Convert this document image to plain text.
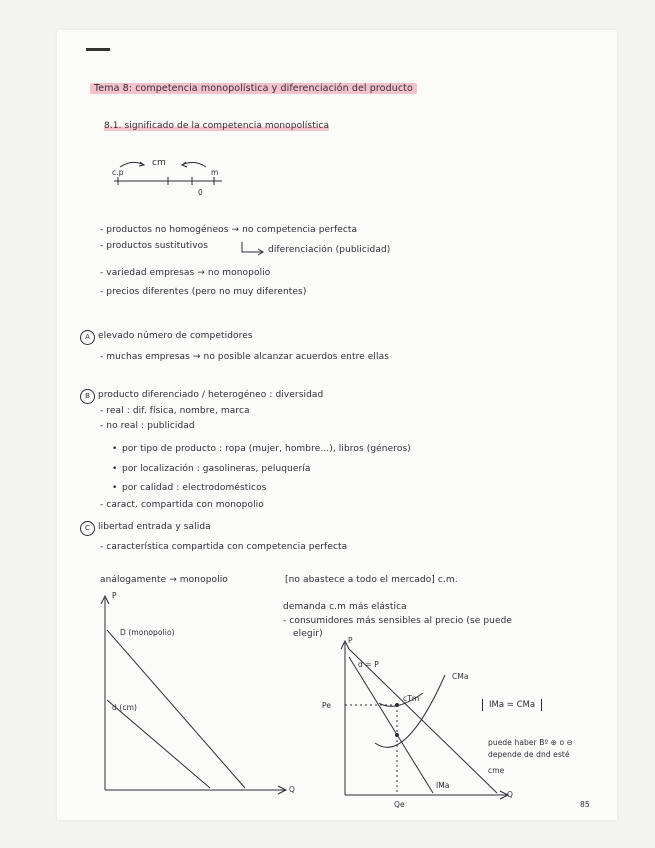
Tema 8: competencia monopolística y diferenciación del producto
8.1. significado de la competencia monopolística
c.p
cm
m
0
- productos no homogéneos → no competencia perfecta
- productos sustitutivos	diferenciación (publicidad)
- variedad empresas → no monopolio
- precios diferentes (pero no muy diferentes)
A elevado número de competidores
- muchas empresas → no posible alcanzar acuerdos entre ellas
B producto diferenciado / heterogéneo : diversidad
- real : dif. física, nombre, marca
- no real : publicidad
• por tipo de producto : ropa (mujer, hombre...), libros (géneros)
• por localización : gasolineras, peluquería
• por calidad : electrodomésticos
- caract. compartida con monopolio
C libertad entrada y salida
- característica compartida con competencia perfecta
análogamente → monopolio	[no abastece a todo el mercado] c.m.
demanda c.m más elástica
- consumidores más sensibles al precio (se puede
elegir)
P
Q
D (monopolio)
d (cm)
P
d = P
CMa
cTm
Pe
IMa
Qe
Q
IMa = CMa
puede haber Bº ⊕ o ⊖
depende de dnd esté
cme
85
